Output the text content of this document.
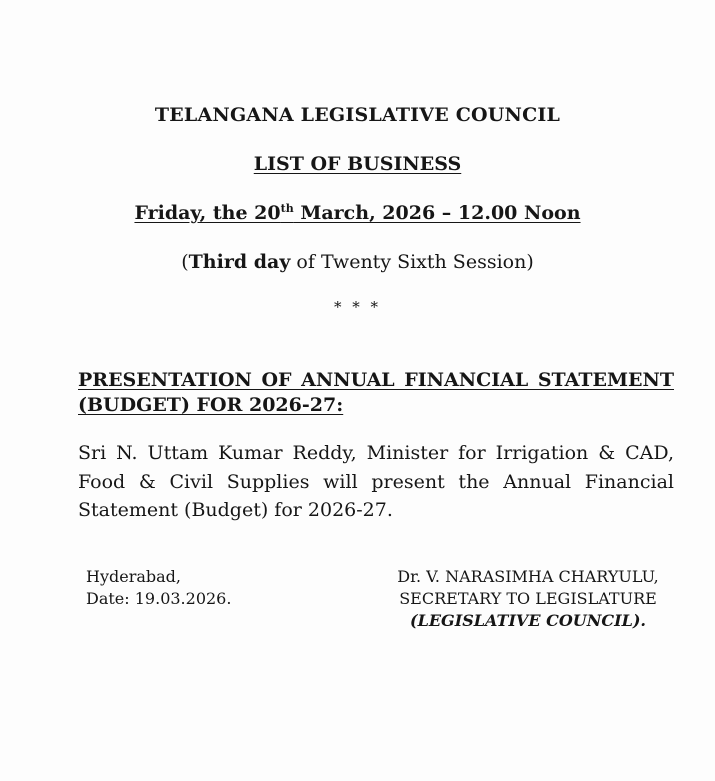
TELANGANA LEGISLATIVE COUNCIL
LIST OF BUSINESS
Friday, the 20th March, 2026 – 12.00 Noon
(Third day of Twenty Sixth Session)
* * *
PRESENTATION OF ANNUAL FINANCIAL STATEMENT
(BUDGET) FOR 2026-27:
Sri N. Uttam Kumar Reddy, Minister for Irrigation & CAD,
Food & Civil Supplies will present the Annual Financial
Statement (Budget) for 2026-27.
Hyderabad,
Date: 19.03.2026.
Dr. V. NARASIMHA CHARYULU,
SECRETARY TO LEGISLATURE
(LEGISLATIVE COUNCIL).
